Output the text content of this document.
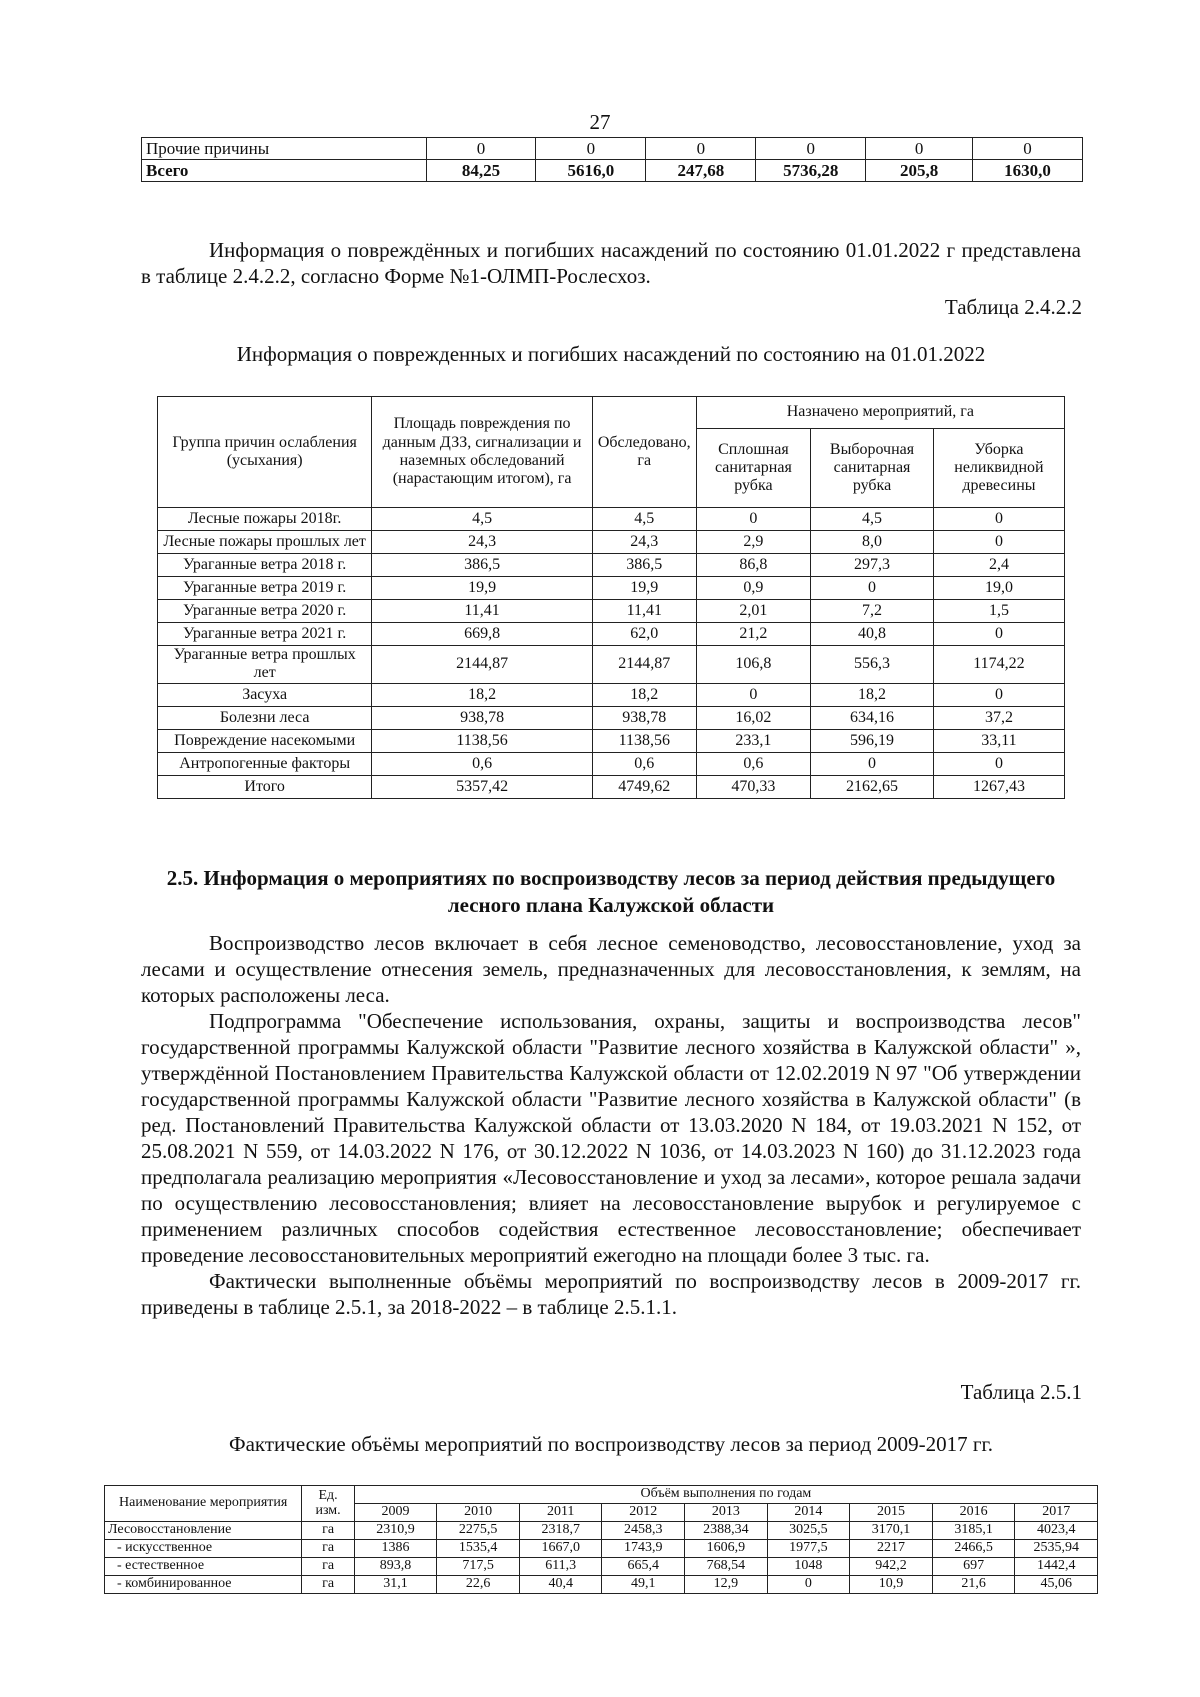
27
Прочие причины	0	0	0	0	0	0
Всего	84,25	5616,0	247,68	5736,28	205,8	1630,0

Информация о повреждённых и погибших насаждений по состоянию 01.01.2022 г представлена в таблице 2.4.2.2, согласно Форме №1-ОЛМП-Рослесхоз.

Таблица 2.4.2.2
Информация о поврежденных и погибших насаждений по состоянию на 01.01.2022
Группа причин ослабления (усыхания)	Площадь повреждения по данным ДЗЗ, сигнализации и наземных обследований (нарастающим итогом), га	Обследовано, га	Назначено мероприятий, га		
			Сплошная санитарная рубка	Выборочная санитарная рубка	Уборка неликвидной древесины
Лесные пожары 2018г.	4,5	4,5	0	4,5	0
Лесные пожары прошлых лет	24,3	24,3	2,9	8,0	0
Ураганные ветра 2018 г.	386,5	386,5	86,8	297,3	2,4
Ураганные ветра 2019 г.	19,9	19,9	0,9	0	19,0
Ураганные ветра 2020 г.	11,41	11,41	2,01	7,2	1,5
Ураганные ветра 2021 г.	669,8	62,0	21,2	40,8	0
Ураганные ветра прошлых лет	2144,87	2144,87	106,8	556,3	1174,22
Засуха	18,2	18,2	0	18,2	0
Болезни леса	938,78	938,78	16,02	634,16	37,2
Повреждение насекомыми	1138,56	1138,56	233,1	596,19	33,11
Антропогенные факторы	0,6	0,6	0,6	0	0
Итого	5357,42	4749,62	470,33	2162,65	1267,43
2.5. Информация о мероприятиях по воспроизводству лесов за период действия предыдущего лесного плана Калужской области

Воспроизводство лесов включает в себя лесное семеноводство, лесовосстановление, уход за лесами и осуществление отнесения земель, предназначенных для лесовосстановления, к землям, на которых расположены леса.

Подпрограмма "Обеспечение использования, охраны, защиты и воспроизводства лесов" государственной программы Калужской области "Развитие лесного хозяйства в Калужской области" », утверждённой Постановлением Правительства Калужской области от 12.02.2019 N 97 "Об утверждении государственной программы Калужской области "Развитие лесного хозяйства в Калужской области" (в ред. Постановлений Правительства Калужской области от 13.03.2020 N 184, от 19.03.2021 N 152, от 25.08.2021 N 559, от 14.03.2022 N 176, от 30.12.2022 N 1036, от 14.03.2023 N 160) до 31.12.2023 года предполагала реализацию мероприятия «Лесовосстановление и уход за лесами», которое решала задачи по осуществлению лесовосстановления; влияет на лесовосстановление вырубок и регулируемое с применением различных способов содействия естественное лесовосстановление; обеспечивает проведение лесовосстановительных мероприятий ежегодно на площади более 3 тыс. га.

Фактически выполненные объёмы мероприятий по воспроизводству лесов в 2009-2017 гг. приведены в таблице 2.5.1, за 2018-2022 – в таблице 2.5.1.1.

Таблица 2.5.1
Фактические объёмы мероприятий по воспроизводству лесов за период 2009-2017 гг.
Наименование мероприятия	Ед. изм.	Объём выполнения по годам								
		2009	2010	2011	2012	2013	2014	2015	2016	2017
Лесовосстановление	га	2310,9	2275,5	2318,7	2458,3	2388,34	3025,5	3170,1	3185,1	4023,4
- искусственное	га	1386	1535,4	1667,0	1743,9	1606,9	1977,5	2217	2466,5	2535,94
- естественное	га	893,8	717,5	611,3	665,4	768,54	1048	942,2	697	1442,4
- комбинированное	га	31,1	22,6	40,4	49,1	12,9	0	10,9	21,6	45,06
